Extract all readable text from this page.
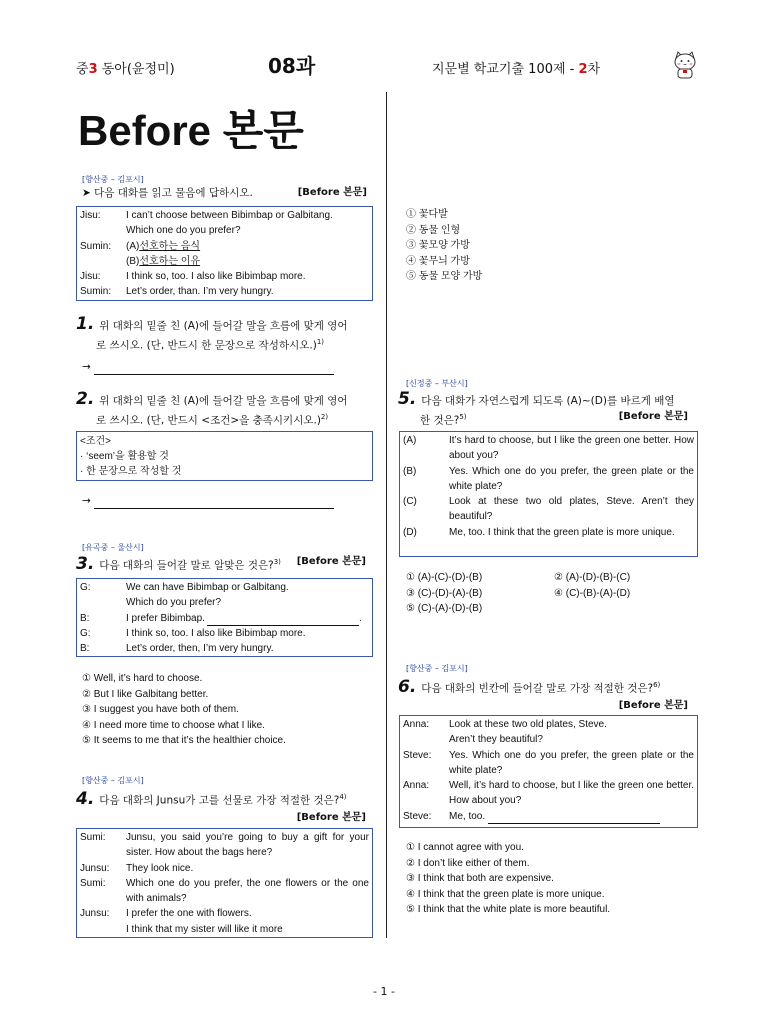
중3 동아(윤정미)	08과	지문별 학교기출 100제 - 2차
Before 본문
[향산중 – 김포시]
➤ 다음 대화를 읽고 물음에 답하시오.	[Before 본문]
Jisu:	I can’t choose between Bibimbap or Galbitang.
Which one do you prefer?
Sumin:	(A)선호하는 음식
(B)선호하는 이유
Jisu:	I think so, too. I also like Bibimbap more.
Sumin:	Let’s order, than. I’m very hungry.
1. 위 대화의 밑줄 친 (A)에 들어갈 말을 흐름에 맞게 영어
로 쓰시오. (단, 반드시 한 문장으로 작성하시오.)$^{1)}$
→
2. 위 대화의 밑줄 친 (A)에 들어갈 말을 흐름에 맞게 영어
로 쓰시오. (단, 반드시 <조건>을 충족시키시오.)$^{2)}$
<조건>
· ‘seem’을 활용할 것
· 한 문장으로 작성할 것
→
[유곡중 – 울산시]
3. 다음 대화의 들어갈 말로 알맞은 것은?$^{3)}$ [Before 본문]
G:	We can have Bibimbap or Galbitang.
Which do you prefer?
B:	I prefer Bibimbap.	.
G:	I think so, too. I also like Bibimbap more.
B:	Let’s order, then, I’m very hungry.
① Well, it’s hard to choose.
② But I like Galbitang better.
③ I suggest you have both of them.
④ I need more time to choose what I like.
⑤ It seems to me that it’s the healthier choice.
[향산중 – 김포시]
4. 다음 대화의 Junsu가 고를 선물로 가장 적절한 것은?$^{4)}$
[Before 본문]
Sumi:	Junsu, you said you’re going to buy a gift for your sister. How about the bags here?
Junsu:	They look nice.
Sumi:	Which one do you prefer, the one flowers or the one with animals?
Junsu:	I prefer the one with flowers.
I think that my sister will like it more
① 꽃다발
② 동물 인형
③ 꽃모양 가방
④ 꽃무늬 가방
⑤ 동물 모양 가방
[신정중 – 부산시]
5. 다음 대화가 자연스럽게 되도록 (A)~(D)를 바르게 배열
한 것은?$^{5)}$	[Before 본문]
(A)	It’s hard to choose, but I like the green one better. How about you?
(B)	Yes. Which one do you prefer, the green plate or the white plate?
(C)	Look at these two old plates, Steve. Aren’t they beautiful?
(D)	Me, too. I think that the green plate is more unique.
① (A)-(C)-(D)-(B)	② (A)-(D)-(B)-(C)
③ (C)-(D)-(A)-(B)	④ (C)-(B)-(A)-(D)
⑤ (C)-(A)-(D)-(B)
[향산중 – 김포시]
6. 다음 대화의 빈칸에 들어갈 말로 가장 적절한 것은?$^{6)}$
[Before 본문]
Anna:	Look at these two old plates, Steve.
Aren’t they beautiful?
Steve:	Yes. Which one do you prefer, the green plate or the white plate?
Anna:	Well, it’s hard to choose, but I like the green one better. How about you?
Steve:	Me, too.
① I cannot agree with you.
② I don’t like either of them.
③ I think that both are expensive.
④ I think that the green plate is more unique.
⑤ I think that the white plate is more beautiful.
- 1 -
